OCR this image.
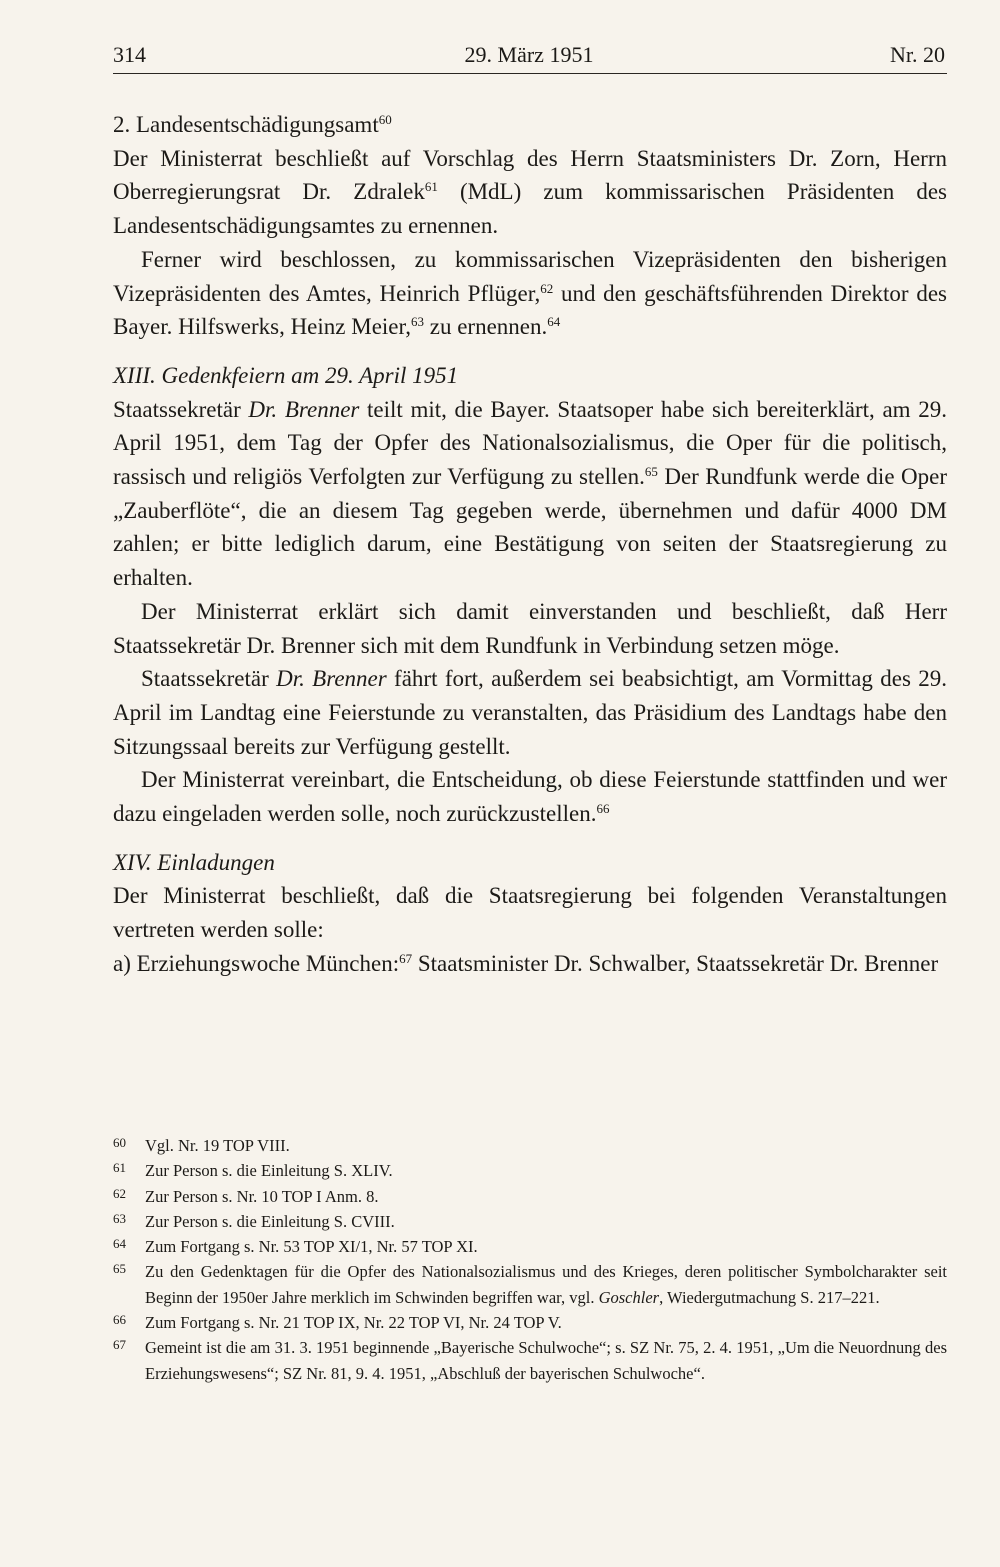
314	29. März 1951	Nr. 20

2. Landesentschädigungsamt$^{60}$

Der Ministerrat beschließt auf Vorschlag des Herrn Staatsministers Dr. Zorn, Herrn Oberregierungsrat Dr. Zdralek$^{61}$ (MdL) zum kommissarischen Präsidenten des Landesentschädigungsamtes zu ernennen.

Ferner wird beschlossen, zu kommissarischen Vizepräsidenten den bisherigen Vizepräsidenten des Amtes, Heinrich Pflüger,$^{62}$ und den geschäftsführenden Direktor des Bayer. Hilfswerks, Heinz Meier,$^{63}$ zu ernennen.$^{64}$

XIII. Gedenkfeiern am 29. April 1951

Staatssekretär Dr. Brenner teilt mit, die Bayer. Staatsoper habe sich bereiterklärt, am 29. April 1951, dem Tag der Opfer des Nationalsozialismus, die Oper für die politisch, rassisch und religiös Verfolgten zur Verfügung zu stellen.$^{65}$ Der Rundfunk werde die Oper „Zauberflöte“, die an diesem Tag gegeben werde, übernehmen und dafür 4000 DM zahlen; er bitte lediglich darum, eine Bestätigung von seiten der Staatsregierung zu erhalten.

Der Ministerrat erklärt sich damit einverstanden und beschließt, daß Herr Staatssekretär Dr. Brenner sich mit dem Rundfunk in Verbindung setzen möge.

Staatssekretär Dr. Brenner fährt fort, außerdem sei beabsichtigt, am Vormittag des 29. April im Landtag eine Feierstunde zu veranstalten, das Präsidium des Landtags habe den Sitzungssaal bereits zur Verfügung gestellt.

Der Ministerrat vereinbart, die Entscheidung, ob diese Feierstunde stattfinden und wer dazu eingeladen werden solle, noch zurückzustellen.$^{66}$

XIV. Einladungen

Der Ministerrat beschließt, daß die Staatsregierung bei folgenden Veranstaltungen vertreten werden solle:

a) Erziehungswoche München:$^{67}$ Staatsminister Dr. Schwalber, Staatssekretär Dr. Brenner

60	Vgl. Nr. 19 TOP VIII.
61	Zur Person s. die Einleitung S. XLIV.
62	Zur Person s. Nr. 10 TOP I Anm. 8.
63	Zur Person s. die Einleitung S. CVIII.
64	Zum Fortgang s. Nr. 53 TOP XI/1, Nr. 57 TOP XI.
65	Zu den Gedenktagen für die Opfer des Nationalsozialismus und des Krieges, deren politischer Symbolcharakter seit Beginn der 1950er Jahre merklich im Schwinden begriffen war, vgl. Goschler, Wiedergutmachung S. 217–221.
66	Zum Fortgang s. Nr. 21 TOP IX, Nr. 22 TOP VI, Nr. 24 TOP V.
67	Gemeint ist die am 31. 3. 1951 beginnende „Bayerische Schulwoche“; s. SZ Nr. 75, 2. 4. 1951, „Um die Neuordnung des Erziehungswesens“; SZ Nr. 81, 9. 4. 1951, „Abschluß der bayerischen Schulwoche“.
